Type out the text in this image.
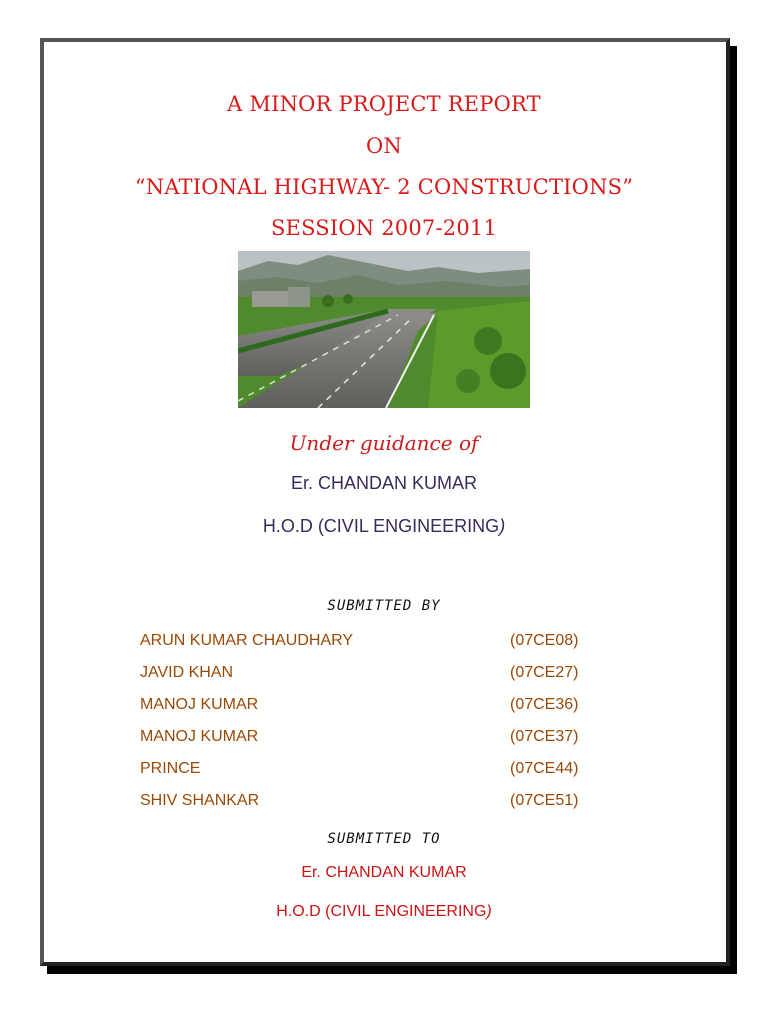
A MINOR PROJECT REPORT
ON
“NATIONAL HIGHWAY- 2 CONSTRUCTIONS”
SESSION 2007-2011
Under guidance of
Er. CHANDAN KUMAR
H.O.D (CIVIL ENGINEERING)
SUBMITTED BY
ARUN KUMAR CHAUDHARY	(07CE08)
JAVID KHAN	(07CE27)
MANOJ KUMAR	(07CE36)
MANOJ KUMAR	(07CE37)
PRINCE	(07CE44)
SHIV SHANKAR	(07CE51)
SUBMITTED TO
Er. CHANDAN KUMAR
H.O.D (CIVIL ENGINEERING)
